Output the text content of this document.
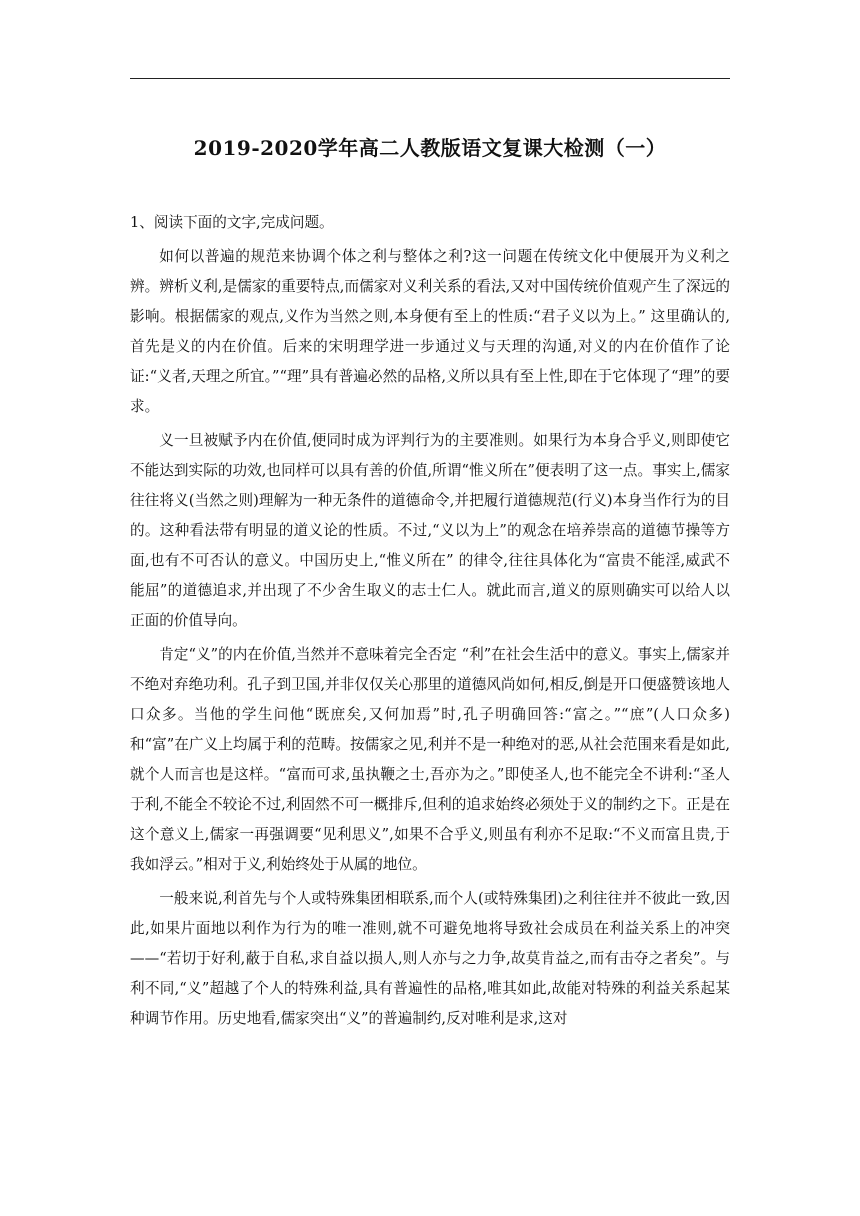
2019-2020学年高二人教版语文复课大检测（一）

1、阅读下面的文字,完成问题。

如何以普遍的规范来协调个体之利与整体之利?这一问题在传统文化中便展开为义利之辨。辨析义利,是儒家的重要特点,而儒家对义利关系的看法,又对中国传统价值观产生了深远的影响。根据儒家的观点,义作为当然之则,本身便有至上的性质:“君子义以为上。” 这里确认的,首先是义的内在价值。后来的宋明理学进一步通过义与天理的沟通,对义的内在价值作了论证:“义者,天理之所宜。”“理”具有普遍必然的品格,义所以具有至上性,即在于它体现了“理”的要求。

义一旦被赋予内在价值,便同时成为评判行为的主要准则。如果行为本身合乎义,则即使它不能达到实际的功效,也同样可以具有善的价值,所谓“惟义所在”便表明了这一点。事实上,儒家往往将义(当然之则)理解为一种无条件的道德命令,并把履行道德规范(行义)本身当作行为的目的。这种看法带有明显的道义论的性质。不过,“义以为上”的观念在培养崇高的道德节操等方面,也有不可否认的意义。中国历史上,“惟义所在” 的律令,往往具体化为“富贵不能淫,威武不能屈”的道德追求,并出现了不少舍生取义的志士仁人。就此而言,道义的原则确实可以给人以正面的价值导向。

肯定“义”的内在价值,当然并不意味着完全否定 “利”在社会生活中的意义。事实上,儒家并不绝对弃绝功利。孔子到卫国,并非仅仅关心那里的道德风尚如何,相反,倒是开口便盛赞该地人口众多。当他的学生问他“既庶矣,又何加焉”时,孔子明确回答:“富之。”“庶”(人口众多)和“富”在广义上均属于利的范畴。按儒家之见,利并不是一种绝对的恶,从社会范围来看是如此,就个人而言也是这样。“富而可求,虽执鞭之士,吾亦为之。”即使圣人,也不能完全不讲利:“圣人于利,不能全不较论不过,利固然不可一概排斥,但利的追求始终必须处于义的制约之下。正是在这个意义上,儒家一再强调要“见利思义”,如果不合乎义,则虽有利亦不足取:“不义而富且贵,于我如浮云。”相对于义,利始终处于从属的地位。

一般来说,利首先与个人或特殊集团相联系,而个人(或特殊集团)之利往往并不彼此一致,因此,如果片面地以利作为行为的唯一准则,就不可避免地将导致社会成员在利益关系上的冲突——“若切于好利,蔽于自私,求自益以损人,则人亦与之力争,故莫肯益之,而有击夺之者矣”。与利不同,“义”超越了个人的特殊利益,具有普遍性的品格,唯其如此,故能对特殊的利益关系起某种调节作用。历史地看,儒家突出“义”的普遍制约,反对唯利是求,这对
